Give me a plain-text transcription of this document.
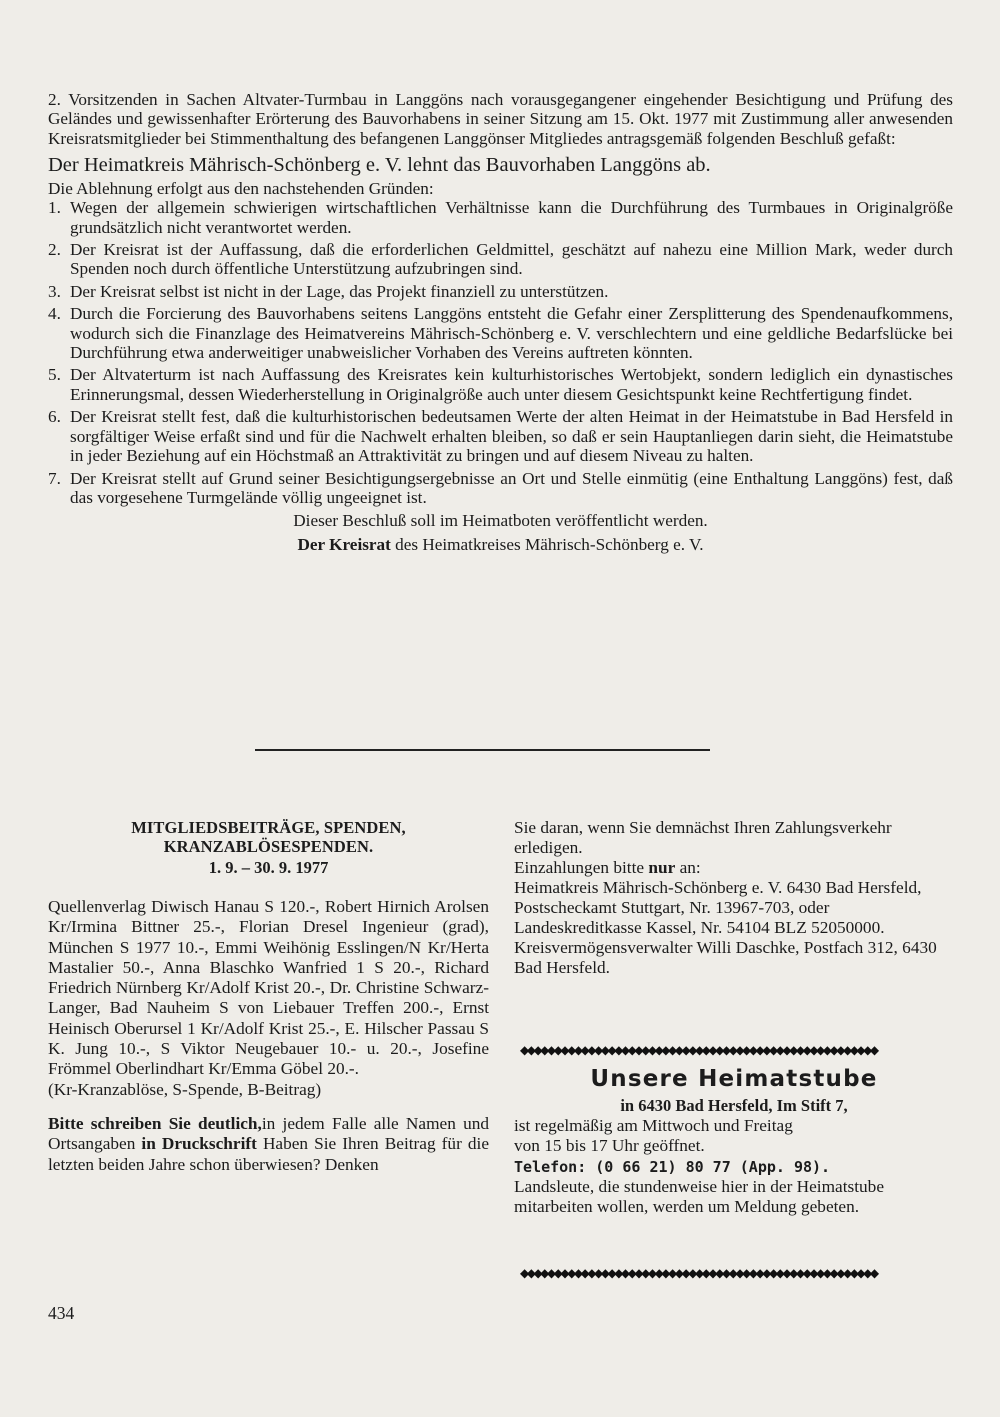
2. Vorsitzenden in Sachen Altvater-Turmbau in Langgöns nach vorausgegangener eingehender Besichtigung und Prüfung des Geländes und gewissenhafter Erörterung des Bauvorhabens in seiner Sitzung am 15. Okt. 1977 mit Zustimmung aller anwesenden Kreisratsmitglieder bei Stimmenthaltung des befangenen Langgönser Mitgliedes antragsgemäß folgenden Beschluß gefaßt:

Der Heimatkreis Mährisch-Schönberg e. V. lehnt das Bauvorhaben Langgöns ab.

Die Ablehnung erfolgt aus den nachstehenden Gründen:

1. Wegen der allgemein schwierigen wirtschaftlichen Verhältnisse kann die Durchführung des Turmbaues in Originalgröße grundsätzlich nicht verantwortet werden.
2. Der Kreisrat ist der Auffassung, daß die erforderlichen Geldmittel, geschätzt auf nahezu eine Million Mark, weder durch Spenden noch durch öffentliche Unterstützung aufzubringen sind.
3. Der Kreisrat selbst ist nicht in der Lage, das Projekt finanziell zu unterstützen.
4. Durch die Forcierung des Bauvorhabens seitens Langgöns entsteht die Gefahr einer Zersplitterung des Spendenaufkommens, wodurch sich die Finanzlage des Heimatvereins Mährisch-Schönberg e. V. verschlechtern und eine geldliche Bedarfslücke bei Durchführung etwa anderweitiger unabweislicher Vorhaben des Vereins auftreten könnten.
5. Der Altvaterturm ist nach Auffassung des Kreisrates kein kulturhistorisches Wertobjekt, sondern lediglich ein dynastisches Erinnerungsmal, dessen Wiederherstellung in Originalgröße auch unter diesem Gesichtspunkt keine Rechtfertigung findet.
6. Der Kreisrat stellt fest, daß die kulturhistorischen bedeutsamen Werte der alten Heimat in der Heimatstube in Bad Hersfeld in sorgfältiger Weise erfaßt sind und für die Nachwelt erhalten bleiben, so daß er sein Hauptanliegen darin sieht, die Heimatstube in jeder Beziehung auf ein Höchstmaß an Attraktivität zu bringen und auf diesem Niveau zu halten.
7. Der Kreisrat stellt auf Grund seiner Besichtigungsergebnisse an Ort und Stelle einmütig (eine Enthaltung Langgöns) fest, daß das vorgesehene Turmgelände völlig ungeeignet ist.

Dieser Beschluß soll im Heimatboten veröffentlicht werden.

Der Kreisrat des Heimatkreises Mährisch-Schönberg e. V.

MITGLIEDSBEITRÄGE, SPENDEN,

KRANZABLÖSESPENDEN.

1. 9. – 30. 9. 1977

Quellenverlag Diwisch Hanau S 120.-, Robert Hirnich Arolsen Kr/Irmina Bittner 25.-, Florian Dresel Ingenieur (grad), München S 1977 10.-, Emmi Weihönig Esslingen/N Kr/Herta Mastalier 50.-, Anna Blaschko Wanfried 1 S 20.-, Richard Friedrich Nürnberg Kr/Adolf Krist 20.-, Dr. Christine Schwarz-Langer, Bad Nauheim S von Liebauer Treffen 200.-, Ernst Heinisch Oberursel 1 Kr/Adolf Krist 25.-, E. Hilscher Passau S K. Jung 10.-, S Viktor Neugebauer 10.- u. 20.-, Josefine Frömmel Oberlindhart Kr/Emma Göbel 20.-.

(Kr-Kranzablöse, S-Spende, B-Beitrag)

Bitte schreiben Sie deutlich,in jedem Falle alle Namen und Ortsangaben in Druckschrift Haben Sie Ihren Beitrag für die letzten beiden Jahre schon überwiesen? Denken

Sie daran, wenn Sie demnächst Ihren Zahlungsverkehr erledigen.

Einzahlungen bitte nur an:

Heimatkreis Mährisch-Schönberg e. V. 6430 Bad Hersfeld, Postscheckamt Stuttgart, Nr. 13967-703, oder Landeskreditkasse Kassel, Nr. 54104 BLZ 52050000.

Kreisvermögensverwalter Willi Daschke, Postfach 312, 6430 Bad Hersfeld.

◆◆◆◆◆◆◆◆◆◆◆◆◆◆◆◆◆◆◆◆◆◆◆◆◆◆◆◆◆◆◆◆◆◆◆◆◆◆◆◆◆◆◆◆◆◆◆◆◆◆◆◆◆

Unsere Heimatstube

in 6430 Bad Hersfeld, Im Stift 7,

ist regelmäßig am Mittwoch und Freitag

von 15 bis 17 Uhr geöffnet.

Telefon: (0 66 21) 80 77 (App. 98).

Landsleute, die stundenweise hier in der Heimatstube mitarbeiten wollen, werden um Meldung gebeten.

◆◆◆◆◆◆◆◆◆◆◆◆◆◆◆◆◆◆◆◆◆◆◆◆◆◆◆◆◆◆◆◆◆◆◆◆◆◆◆◆◆◆◆◆◆◆◆◆◆◆◆◆◆
434
